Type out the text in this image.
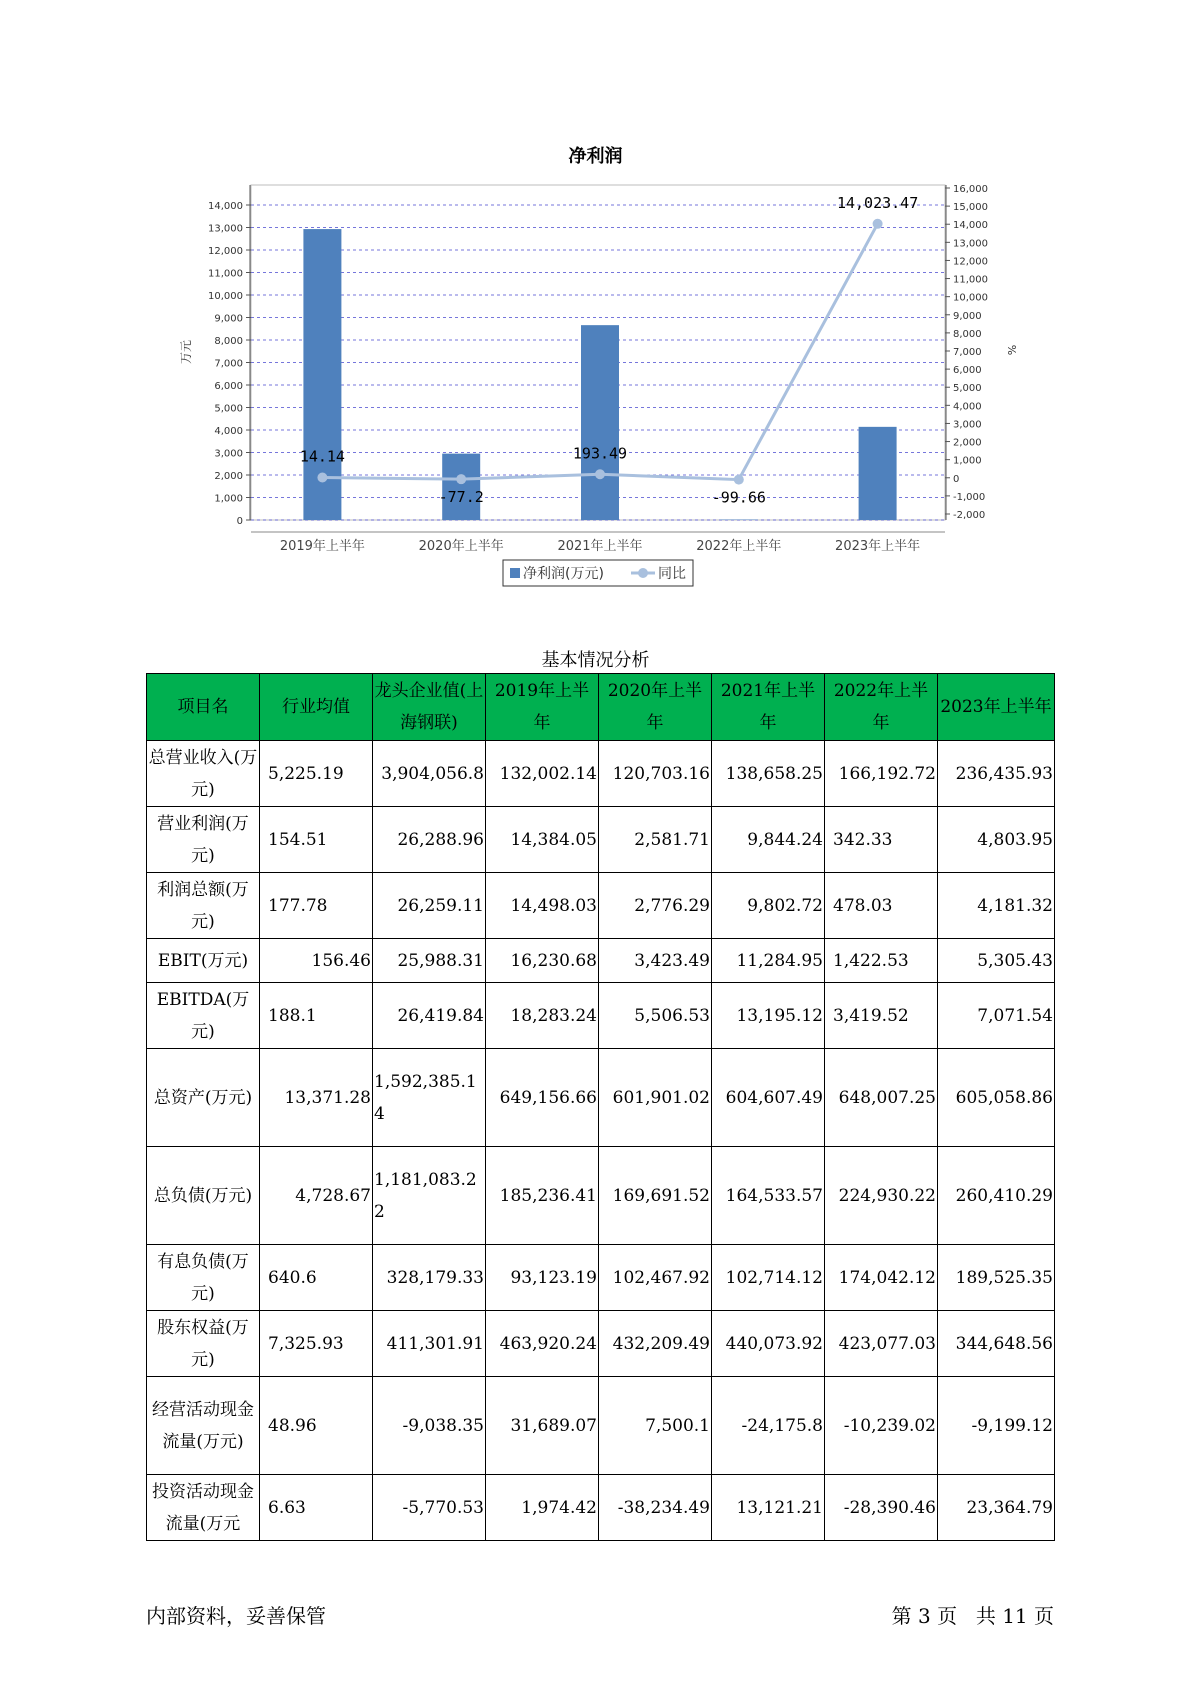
净利润
0
1,000
2,000
3,000
4,000
5,000
6,000
7,000
8,000
9,000
10,000
11,000
12,000
13,000
14,000
-2,000
-1,000
0
1,000
2,000
3,000
4,000
5,000
6,000
7,000
8,000
9,000
10,000
11,000
12,000
13,000
14,000
15,000
16,000
万元	%
2019年上半年	2020年上半年	2021年上半年	2022年上半年	2023年上半年
14.14
-77.2
193.49
-99.66
14,023.47
净利润(万元)	同比
基本情况分析
项目名	行业均值	龙头企业值(上海钢联)	2019年上半年	2020年上半年	2021年上半年	2022年上半年	2023年上半年
总营业收入(万元)	5,225.19	3,904,056.8	132,002.14	120,703.16	138,658.25	166,192.72	236,435.93
营业利润(万元)	154.51	26,288.96	14,384.05	2,581.71	9,844.24	342.33	4,803.95
利润总额(万元)	177.78	26,259.11	14,498.03	2,776.29	9,802.72	478.03	4,181.32
EBIT(万元)	156.46	25,988.31	16,230.68	3,423.49	11,284.95	1,422.53	5,305.43
EBITDA(万元)	188.1	26,419.84	18,283.24	5,506.53	13,195.12	3,419.52	7,071.54
总资产(万元)	13,371.28	1,592,385.14	649,156.66	601,901.02	604,607.49	648,007.25	605,058.86
总负债(万元)	4,728.67	1,181,083.22	185,236.41	169,691.52	164,533.57	224,930.22	260,410.29
有息负债(万元)	640.6	328,179.33	93,123.19	102,467.92	102,714.12	174,042.12	189,525.35
股东权益(万元)	7,325.93	411,301.91	463,920.24	432,209.49	440,073.92	423,077.03	344,648.56
经营活动现金流量(万元)	48.96	-9,038.35	31,689.07	7,500.1	-24,175.8	-10,239.02	-9,199.12
投资活动现金流量(万元	6.63	-5,770.53	1,974.42	-38,234.49	13,121.21	-28,390.46	23,364.79
内部资料，妥善保管	第 3 页 共 11 页
